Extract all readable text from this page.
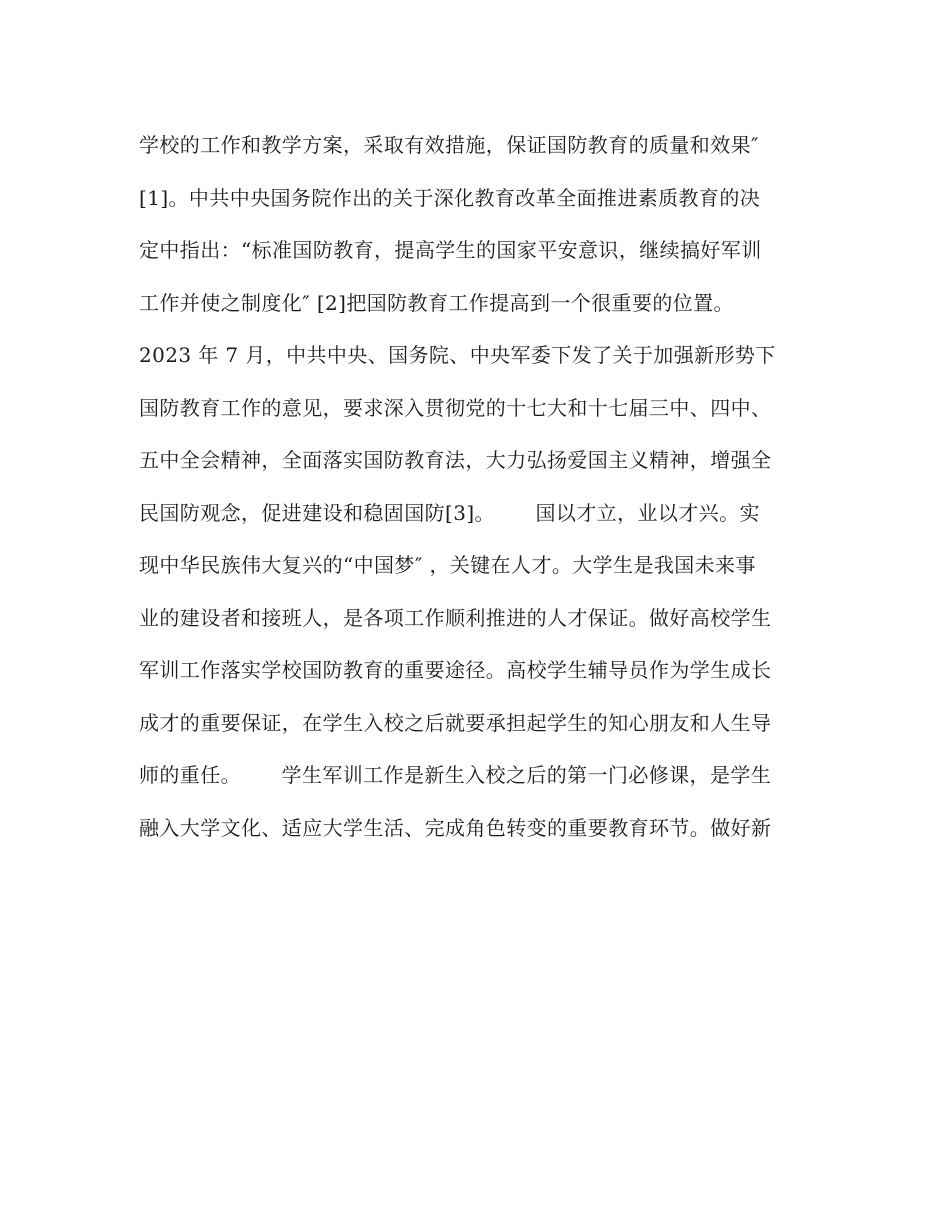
学校的工作和教学方案，采取有效措施，保证国防教育的质量和效果″
[1]。中共中央国务院作出的关于深化教育改革全面推进素质教育的决
定中指出：“标准国防教育，提高学生的国家平安意识，继续搞好军训
工作并使之制度化″ [2]把国防教育工作提高到一个很重要的位置。
2023 年 7 月，中共中央、国务院、中央军委下发了关于加强新形势下
国防教育工作的意见，要求深入贯彻党的十七大和十七届三中、四中、
五中全会精神，全面落实国防教育法，大力弘扬爱国主义精神，增强全
民国防观念，促进建设和稳固国防[3]。      国以才立，业以才兴。实
现中华民族伟大复兴的“中国梦″ ，关键在人才。大学生是我国未来事
业的建设者和接班人，是各项工作顺利推进的人才保证。做好高校学生
军训工作落实学校国防教育的重要途径。高校学生辅导员作为学生成长
成才的重要保证，在学生入校之后就要承担起学生的知心朋友和人生导
师的重任。      学生军训工作是新生入校之后的第一门必修课，是学生
融入大学文化、适应大学生活、完成角色转变的重要教育环节。做好新
